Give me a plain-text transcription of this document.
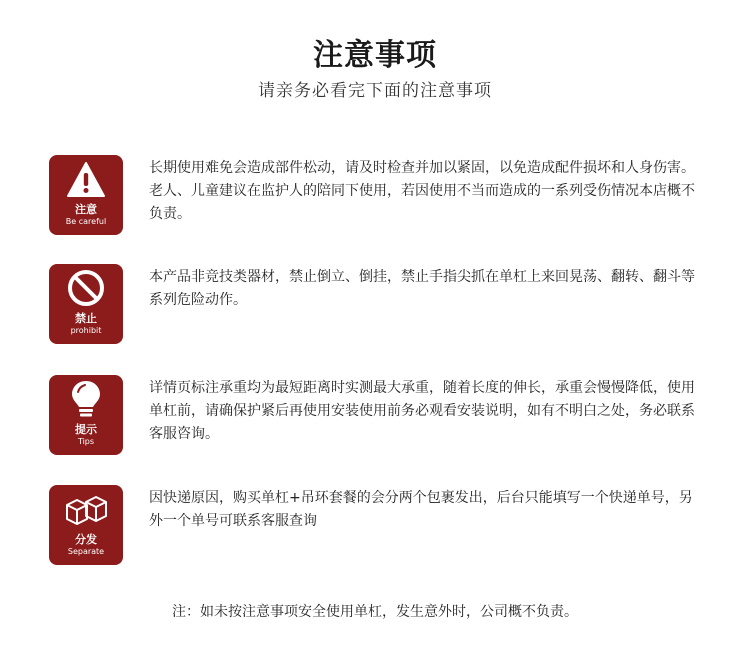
注意事项
请亲务必看完下面的注意事项
注意
Be careful
长期使用难免会造成部件松动，请及时检查并加以紧固，以免造成配件损坏和人身伤害。老人、儿童建议在监护人的陪同下使用，若因使用不当而造成的一系列受伤情况本店概不负责。
禁止
prohibit
本产品非竞技类器材，禁止倒立、倒挂，禁止手指尖抓在单杠上来回晃荡、翻转、翻斗等系列危险动作。
提示
Tips
详情页标注承重均为最短距离时实测最大承重，随着长度的伸长，承重会慢慢降低，使用单杠前，请确保护紧后再使用安装使用前务必观看安装说明，如有不明白之处，务必联系客服咨询。
分发
Separate
因快递原因，购买单杠+吊环套餐的会分两个包裹发出，后台只能填写一个快递单号，另外一个单号可联系客服查询
注：如未按注意事项安全使用单杠，发生意外时，公司概不负责。
